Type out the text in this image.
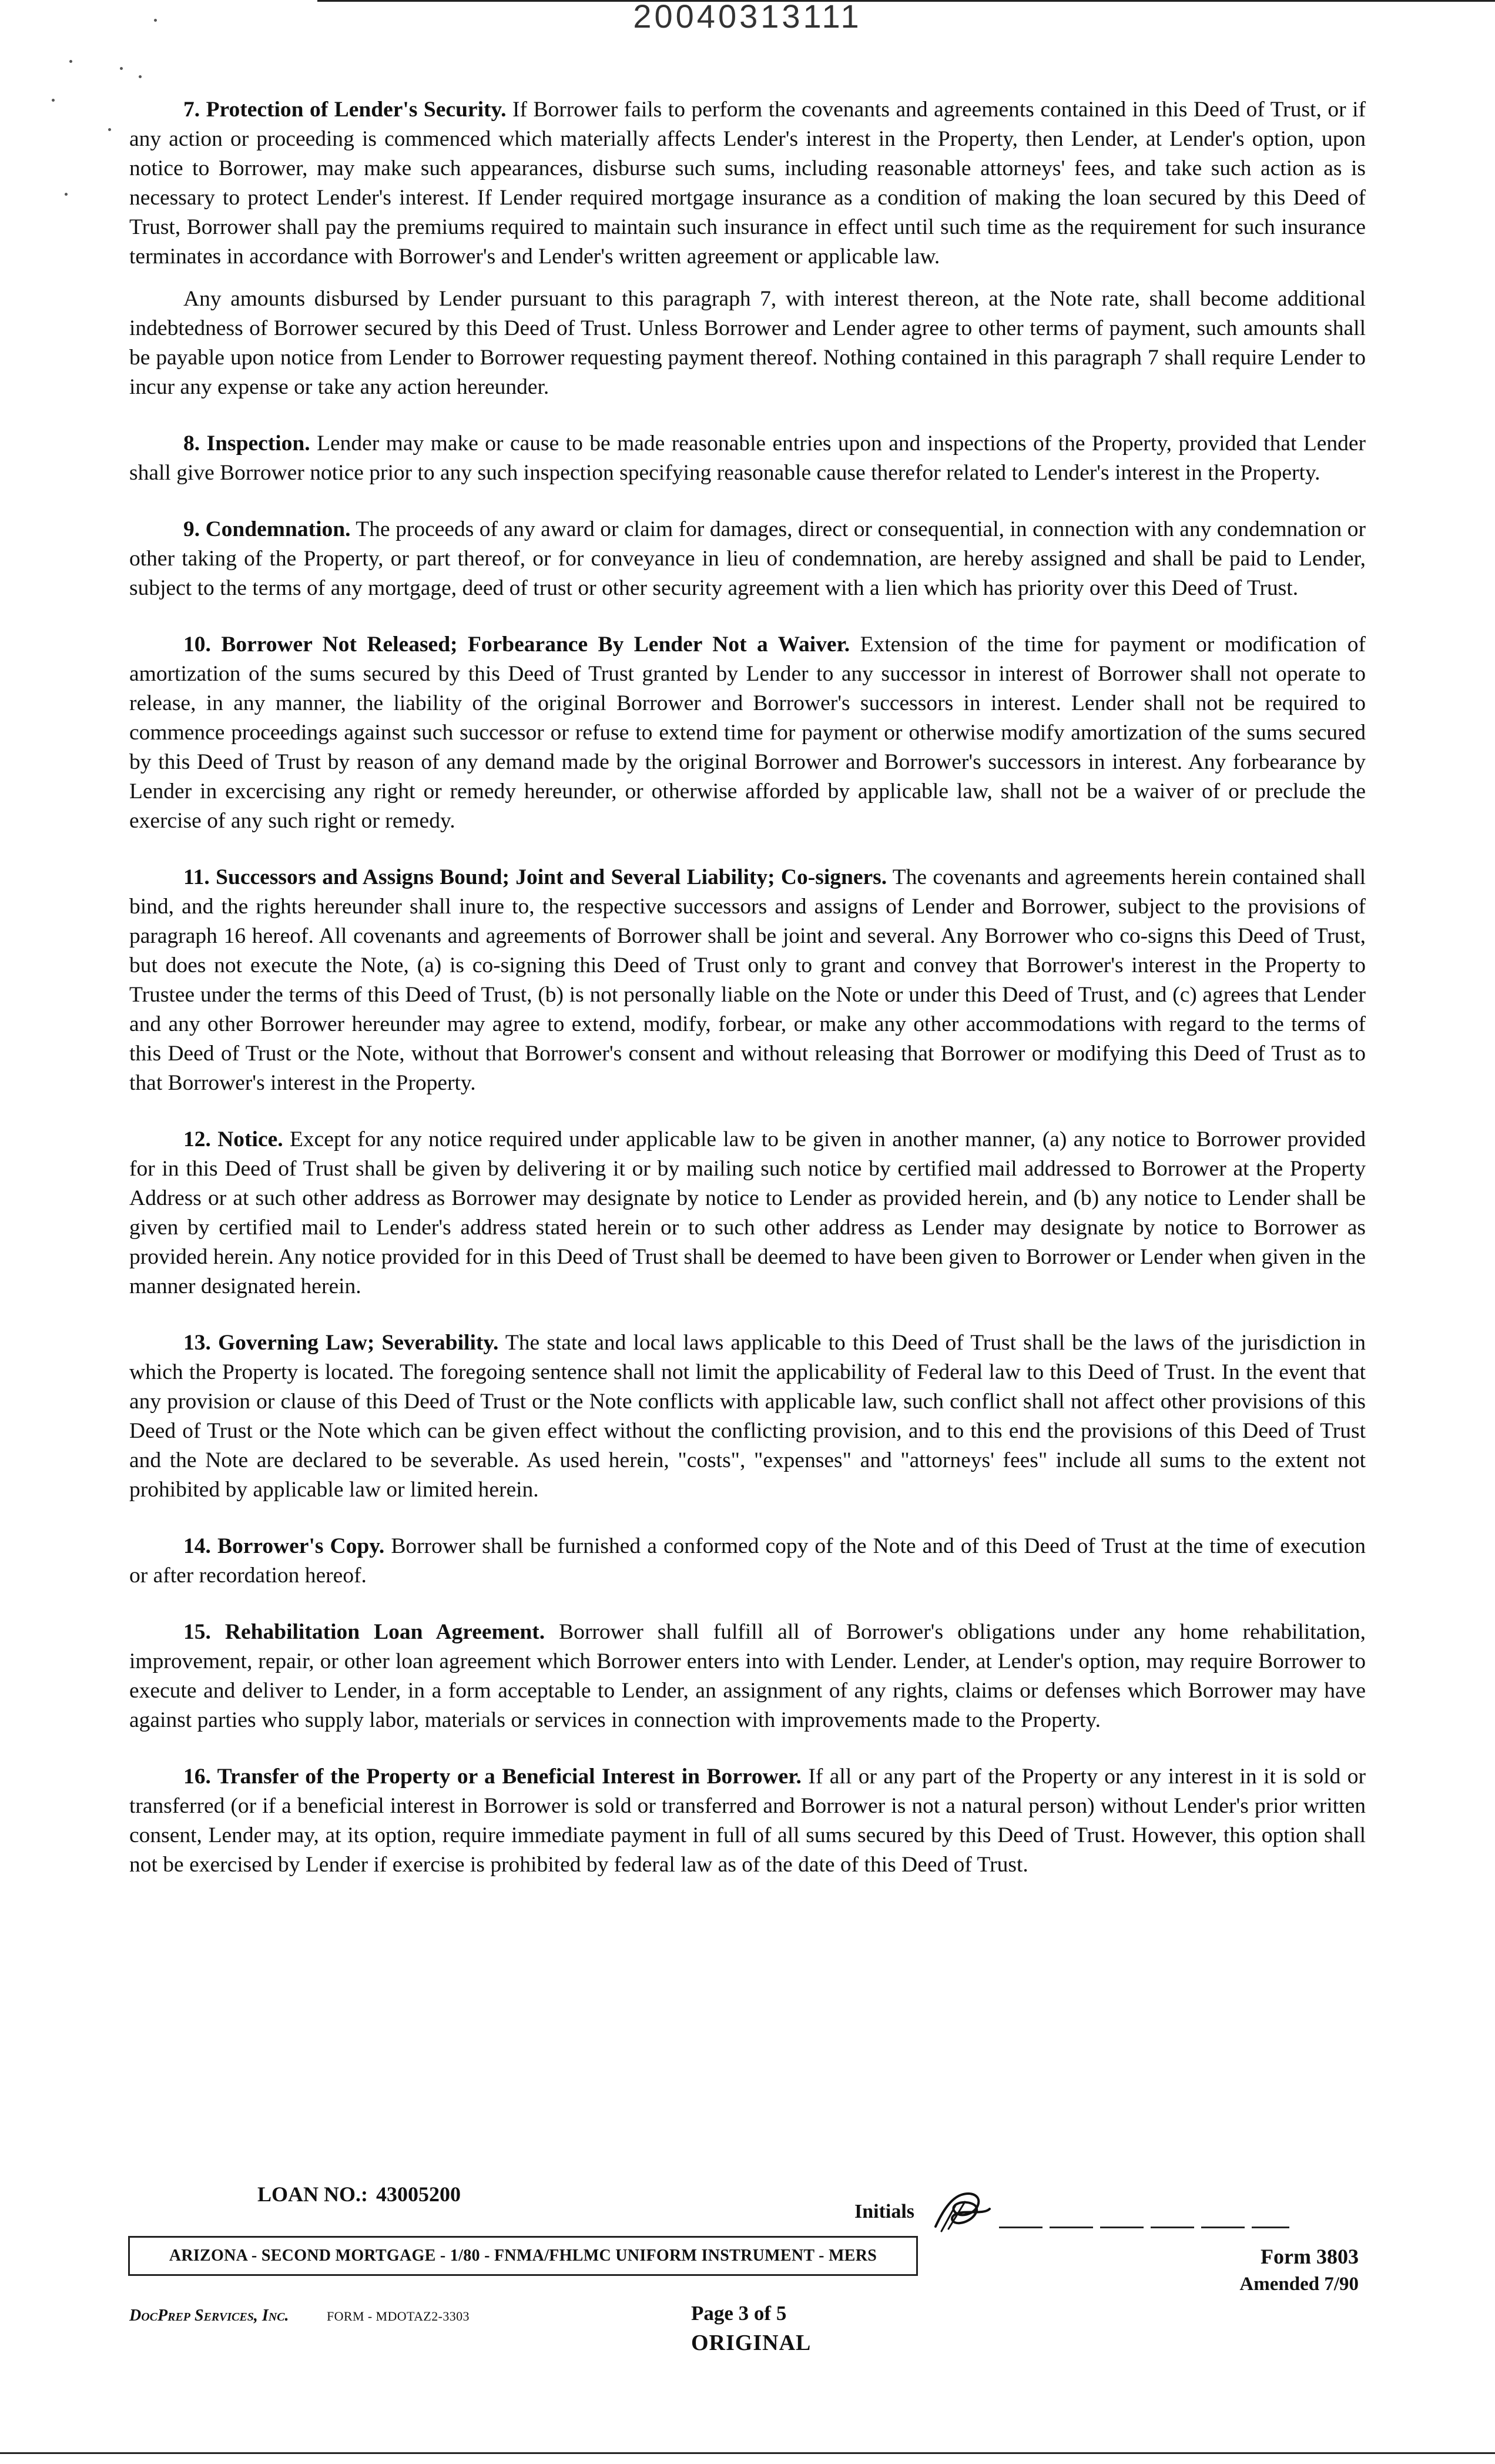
20040313111

7. Protection of Lender's Security. If Borrower fails to perform the covenants and agreements contained in this Deed of Trust, or if any action or proceeding is commenced which materially affects Lender's interest in the Property, then Lender, at Lender's option, upon notice to Borrower, may make such appearances, disburse such sums, including reasonable attorneys' fees, and take such action as is necessary to protect Lender's interest. If Lender required mortgage insurance as a condition of making the loan secured by this Deed of Trust, Borrower shall pay the premiums required to maintain such insurance in effect until such time as the requirement for such insurance terminates in accordance with Borrower's and Lender's written agreement or applicable law.

Any amounts disbursed by Lender pursuant to this paragraph 7, with interest thereon, at the Note rate, shall become additional indebtedness of Borrower secured by this Deed of Trust. Unless Borrower and Lender agree to other terms of payment, such amounts shall be payable upon notice from Lender to Borrower requesting payment thereof. Nothing contained in this paragraph 7 shall require Lender to incur any expense or take any action hereunder.

8. Inspection. Lender may make or cause to be made reasonable entries upon and inspections of the Property, provided that Lender shall give Borrower notice prior to any such inspection specifying reasonable cause therefor related to Lender's interest in the Property.

9. Condemnation. The proceeds of any award or claim for damages, direct or consequential, in connection with any condemnation or other taking of the Property, or part thereof, or for conveyance in lieu of condemnation, are hereby assigned and shall be paid to Lender, subject to the terms of any mortgage, deed of trust or other security agreement with a lien which has priority over this Deed of Trust.

10. Borrower Not Released; Forbearance By Lender Not a Waiver. Extension of the time for payment or modification of amortization of the sums secured by this Deed of Trust granted by Lender to any successor in interest of Borrower shall not operate to release, in any manner, the liability of the original Borrower and Borrower's successors in interest. Lender shall not be required to commence proceedings against such successor or refuse to extend time for payment or otherwise modify amortization of the sums secured by this Deed of Trust by reason of any demand made by the original Borrower and Borrower's successors in interest. Any forbearance by Lender in excercising any right or remedy hereunder, or otherwise afforded by applicable law, shall not be a waiver of or preclude the exercise of any such right or remedy.

11. Successors and Assigns Bound; Joint and Several Liability; Co-signers. The covenants and agreements herein contained shall bind, and the rights hereunder shall inure to, the respective successors and assigns of Lender and Borrower, subject to the provisions of paragraph 16 hereof. All covenants and agreements of Borrower shall be joint and several. Any Borrower who co-signs this Deed of Trust, but does not execute the Note, (a) is co-signing this Deed of Trust only to grant and convey that Borrower's interest in the Property to Trustee under the terms of this Deed of Trust, (b) is not personally liable on the Note or under this Deed of Trust, and (c) agrees that Lender and any other Borrower hereunder may agree to extend, modify, forbear, or make any other accommodations with regard to the terms of this Deed of Trust or the Note, without that Borrower's consent and without releasing that Borrower or modifying this Deed of Trust as to that Borrower's interest in the Property.

12. Notice. Except for any notice required under applicable law to be given in another manner, (a) any notice to Borrower provided for in this Deed of Trust shall be given by delivering it or by mailing such notice by certified mail addressed to Borrower at the Property Address or at such other address as Borrower may designate by notice to Lender as provided herein, and (b) any notice to Lender shall be given by certified mail to Lender's address stated herein or to such other address as Lender may designate by notice to Borrower as provided herein. Any notice provided for in this Deed of Trust shall be deemed to have been given to Borrower or Lender when given in the manner designated herein.

13. Governing Law; Severability. The state and local laws applicable to this Deed of Trust shall be the laws of the jurisdiction in which the Property is located. The foregoing sentence shall not limit the applicability of Federal law to this Deed of Trust. In the event that any provision or clause of this Deed of Trust or the Note conflicts with applicable law, such conflict shall not affect other provisions of this Deed of Trust or the Note which can be given effect without the conflicting provision, and to this end the provisions of this Deed of Trust and the Note are declared to be severable. As used herein, "costs", "expenses" and "attorneys' fees" include all sums to the extent not prohibited by applicable law or limited herein.

14. Borrower's Copy. Borrower shall be furnished a conformed copy of the Note and of this Deed of Trust at the time of execution or after recordation hereof.

15. Rehabilitation Loan Agreement. Borrower shall fulfill all of Borrower's obligations under any home rehabilitation, improvement, repair, or other loan agreement which Borrower enters into with Lender. Lender, at Lender's option, may require Borrower to execute and deliver to Lender, in a form acceptable to Lender, an assignment of any rights, claims or defenses which Borrower may have against parties who supply labor, materials or services in connection with improvements made to the Property.

16. Transfer of the Property or a Beneficial Interest in Borrower. If all or any part of the Property or any interest in it is sold or transferred (or if a beneficial interest in Borrower is sold or transferred and Borrower is not a natural person) without Lender's prior written consent, Lender may, at its option, require immediate payment in full of all sums secured by this Deed of Trust. However, this option shall not be exercised by Lender if exercise is prohibited by federal law as of the date of this Deed of Trust.

LOAN NO.: 43005200
Initials
ARIZONA - SECOND MORTGAGE - 1/80 - FNMA/FHLMC UNIFORM INSTRUMENT - MERS	Form 3803
Amended 7/90
DocPrep Services, Inc.	FORM - MDOTAZ2-3303	Page 3 of 5
ORIGINAL
